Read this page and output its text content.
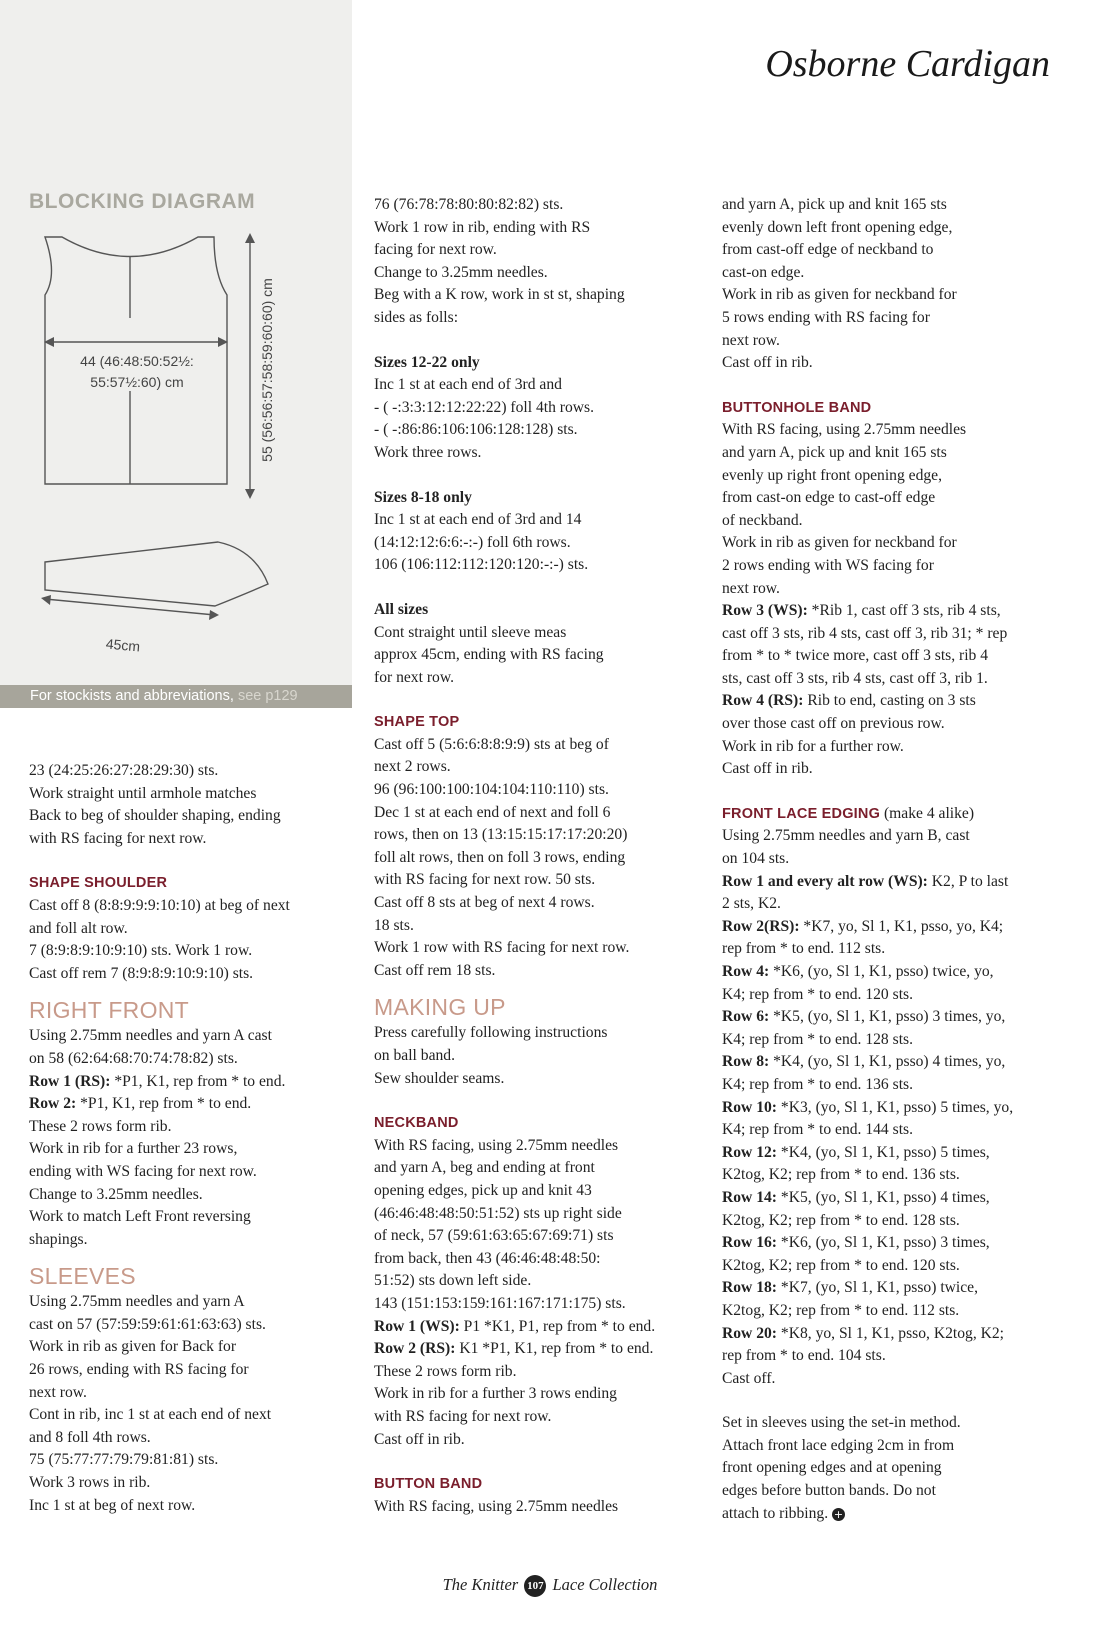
Osborne Cardigan
BLOCKING DIAGRAM
44 (46:48:50:52½:
55:57½:60) cm	55 (56:56:57:58:59:60:60) cm
45cm
For stockists and abbreviations, see p129

23 (24:25:26:27:28:29:30) sts.

Work straight until armhole matches

Back to beg of shoulder shaping, ending

with RS facing for next row.

SHAPE SHOULDER

Cast off 8 (8:8:9:9:9:10:10) at beg of next

and foll alt row.

7 (8:9:8:9:10:9:10) sts. Work 1 row.

Cast off rem 7 (8:9:8:9:10:9:10) sts.

RIGHT FRONT

Using 2.75mm needles and yarn A cast

on 58 (62:64:68:70:74:78:82) sts.

Row 1 (RS): *P1, K1, rep from * to end.

Row 2: *P1, K1, rep from * to end.

These 2 rows form rib.

Work in rib for a further 23 rows,

ending with WS facing for next row.

Change to 3.25mm needles.

Work to match Left Front reversing

shapings.

SLEEVES

Using 2.75mm needles and yarn A

cast on 57 (57:59:59:61:61:63:63) sts.

Work in rib as given for Back for

26 rows, ending with RS facing for

next row.

Cont in rib, inc 1 st at each end of next

and 8 foll 4th rows.

75 (75:77:77:79:79:81:81) sts.

Work 3 rows in rib.

Inc 1 st at beg of next row.

76 (76:78:78:80:80:82:82) sts.

Work 1 row in rib, ending with RS

facing for next row.

Change to 3.25mm needles.

Beg with a K row, work in st st, shaping

sides as folls:

Sizes 12-22 only

Inc 1 st at each end of 3rd and

- ( -:3:3:12:12:22:22) foll 4th rows.

- ( -:86:86:106:106:128:128) sts.

Work three rows.

Sizes 8-18 only

Inc 1 st at each end of 3rd and 14

(14:12:12:6:6:-:-) foll 6th rows.

106 (106:112:112:120:120:-:-) sts.

All sizes

Cont straight until sleeve meas

approx 45cm, ending with RS facing

for next row.

SHAPE TOP

Cast off 5 (5:6:6:8:8:9:9) sts at beg of

next 2 rows.

96 (96:100:100:104:104:110:110) sts.

Dec 1 st at each end of next and foll 6

rows, then on 13 (13:15:15:17:17:20:20)

foll alt rows, then on foll 3 rows, ending

with RS facing for next row. 50 sts.

Cast off 8 sts at beg of next 4 rows.

18 sts.

Work 1 row with RS facing for next row.

Cast off rem 18 sts.

MAKING UP

Press carefully following instructions

on ball band.

Sew shoulder seams.

NECKBAND

With RS facing, using 2.75mm needles

and yarn A, beg and ending at front

opening edges, pick up and knit 43

(46:46:48:48:50:51:52) sts up right side

of neck, 57 (59:61:63:65:67:69:71) sts

from back, then 43 (46:46:48:48:50:

51:52) sts down left side.

143 (151:153:159:161:167:171:175) sts.

Row 1 (WS): P1 *K1, P1, rep from * to end.

Row 2 (RS): K1 *P1, K1, rep from * to end.

These 2 rows form rib.

Work in rib for a further 3 rows ending

with RS facing for next row.

Cast off in rib.

BUTTON BAND

With RS facing, using 2.75mm needles

and yarn A, pick up and knit 165 sts

evenly down left front opening edge,

from cast-off edge of neckband to

cast-on edge.

Work in rib as given for neckband for

5 rows ending with RS facing for

next row.

Cast off in rib.

BUTTONHOLE BAND

With RS facing, using 2.75mm needles

and yarn A, pick up and knit 165 sts

evenly up right front opening edge,

from cast-on edge to cast-off edge

of neckband.

Work in rib as given for neckband for

2 rows ending with WS facing for

next row.

Row 3 (WS): *Rib 1, cast off 3 sts, rib 4 sts,

cast off 3 sts, rib 4 sts, cast off 3, rib 31; * rep

from * to * twice more, cast off 3 sts, rib 4

sts, cast off 3 sts, rib 4 sts, cast off 3, rib 1.

Row 4 (RS): Rib to end, casting on 3 sts

over those cast off on previous row.

Work in rib for a further row.

Cast off in rib.

FRONT LACE EDGING (make 4 alike)

Using 2.75mm needles and yarn B, cast

on 104 sts.

Row 1 and every alt row (WS): K2, P to last

2 sts, K2.

Row 2(RS): *K7, yo, Sl 1, K1, psso, yo, K4;

rep from * to end. 112 sts.

Row 4: *K6, (yo, Sl 1, K1, psso) twice, yo,

K4; rep from * to end. 120 sts.

Row 6: *K5, (yo, Sl 1, K1, psso) 3 times, yo,

K4; rep from * to end. 128 sts.

Row 8: *K4, (yo, Sl 1, K1, psso) 4 times, yo,

K4; rep from * to end. 136 sts.

Row 10: *K3, (yo, Sl 1, K1, psso) 5 times, yo,

K4; rep from * to end. 144 sts.

Row 12: *K4, (yo, Sl 1, K1, psso) 5 times,

K2tog, K2; rep from * to end. 136 sts.

Row 14: *K5, (yo, Sl 1, K1, psso) 4 times,

K2tog, K2; rep from * to end. 128 sts.

Row 16: *K6, (yo, Sl 1, K1, psso) 3 times,

K2tog, K2; rep from * to end. 120 sts.

Row 18: *K7, (yo, Sl 1, K1, psso) twice,

K2tog, K2; rep from * to end. 112 sts.

Row 20: *K8, yo, Sl 1, K1, psso, K2tog, K2;

rep from * to end. 104 sts.

Cast off.

Set in sleeves using the set-in method.

Attach front lace edging 2cm in from

front opening edges and at opening

edges before button bands. Do not

attach to ribbing. +

The Knitter 107 Lace Collection
